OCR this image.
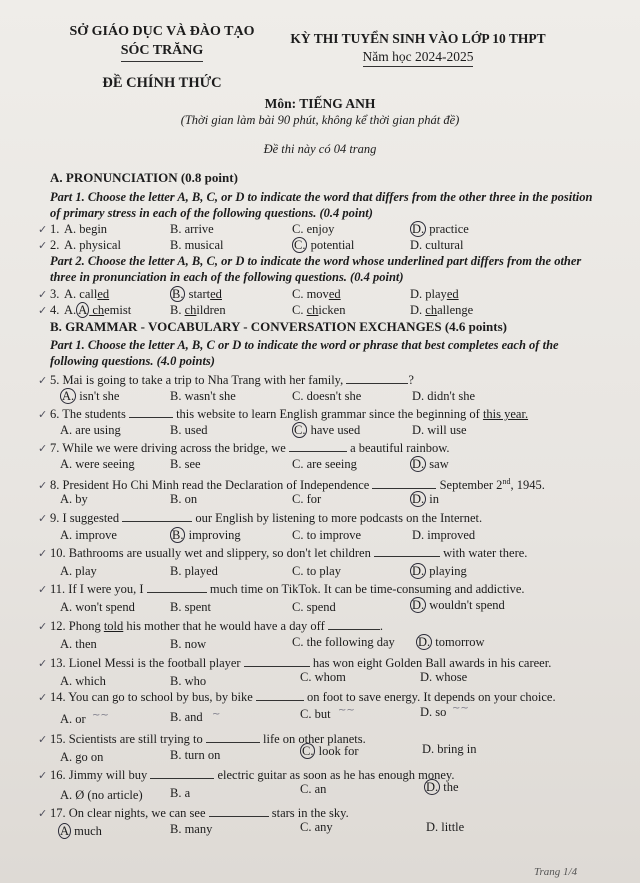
SỞ GIÁO DỤC VÀ ĐÀO TẠO
SÓC TRĂNG
ĐỀ CHÍNH THỨC
KỲ THI TUYỂN SINH VÀO LỚP 10 THPT
Năm học 2024-2025
Môn: TIẾNG ANH
(Thời gian làm bài 90 phút, không kể thời gian phát đề)
Đề thi này có 04 trang
A. PRONUNCIATION (0.8 point)
Part 1. Choose the letter A, B, C, or D to indicate the word that differs from the other three in the position
of primary stress in each of the following questions. (0.4 point)
✓ 1. A. begin	B. arrive	C. enjoy	D. practice
✓ 2. A. physical	B. musical	C. potential	D. cultural
Part 2. Choose the letter A, B, C, or D to indicate the word whose underlined part differs from the other
three in pronunciation in each of the following questions. (0.4 point)
✓ 3. A. called	B. started	C. moved	D. played
✓ 4. A. A chemist	B. children	C. chicken	D. challenge
B. GRAMMAR - VOCABULARY - CONVERSATION EXCHANGES (4.6 points)
Part 1. Choose the letter A, B, C or D to indicate the word or phrase that best completes each of the
following questions. (4.0 points)
✓ 5. Mai is going to take a trip to Nha Trang with her family,	?
A. isn't she	B. wasn't she	C. doesn't she	D. didn't she
✓ 6. The students	this website to learn English grammar since the beginning of this year.
A. are using	B. used	C. have used	D. will use
✓ 7. While we were driving across the bridge, we	a beautiful rainbow.
A. were seeing	B. see	C. are seeing	D. saw
✓ 8. President Ho Chi Minh read the Declaration of Independence	September 2nd, 1945.
A. by	B. on	C. for	D. in
✓ 9. I suggested	our English by listening to more podcasts on the Internet.
A. improve	B. improving	C. to improve	D. improved
✓ 10. Bathrooms are usually wet and slippery, so don't let children	with water there.
A. play	B. played	C. to play	D. playing
✓ 11. If I were you, I	much time on TikTok. It can be time-consuming and addictive.
A. won't spend	B. spent	C. spend	D. wouldn't spend
✓ 12. Phong told his mother that he would have a day off	.
A. then	B. now	C. the following day D. tomorrow
✓ 13. Lionel Messi is the football player	has won eight Golden Ball awards in his career.
A. which	B. who	C. whom	D. whose
✓ 14. You can go to school by bus, by bike	on foot to save energy. It depends on your choice.
A. or	B. and	C. but	D. so
~~	~	~~	~~
✓ 15. Scientists are still trying to	life on other planets.
A. go on	B. turn on	C. look for	D. bring in
✓ 16. Jimmy will buy	electric guitar as soon as he has enough money.
A. Ø (no article) B. a	C. an	D. the
✓ 17. On clear nights, we can see	stars in the sky.
A much	B. many	C. any	D. little
Trang 1/4
